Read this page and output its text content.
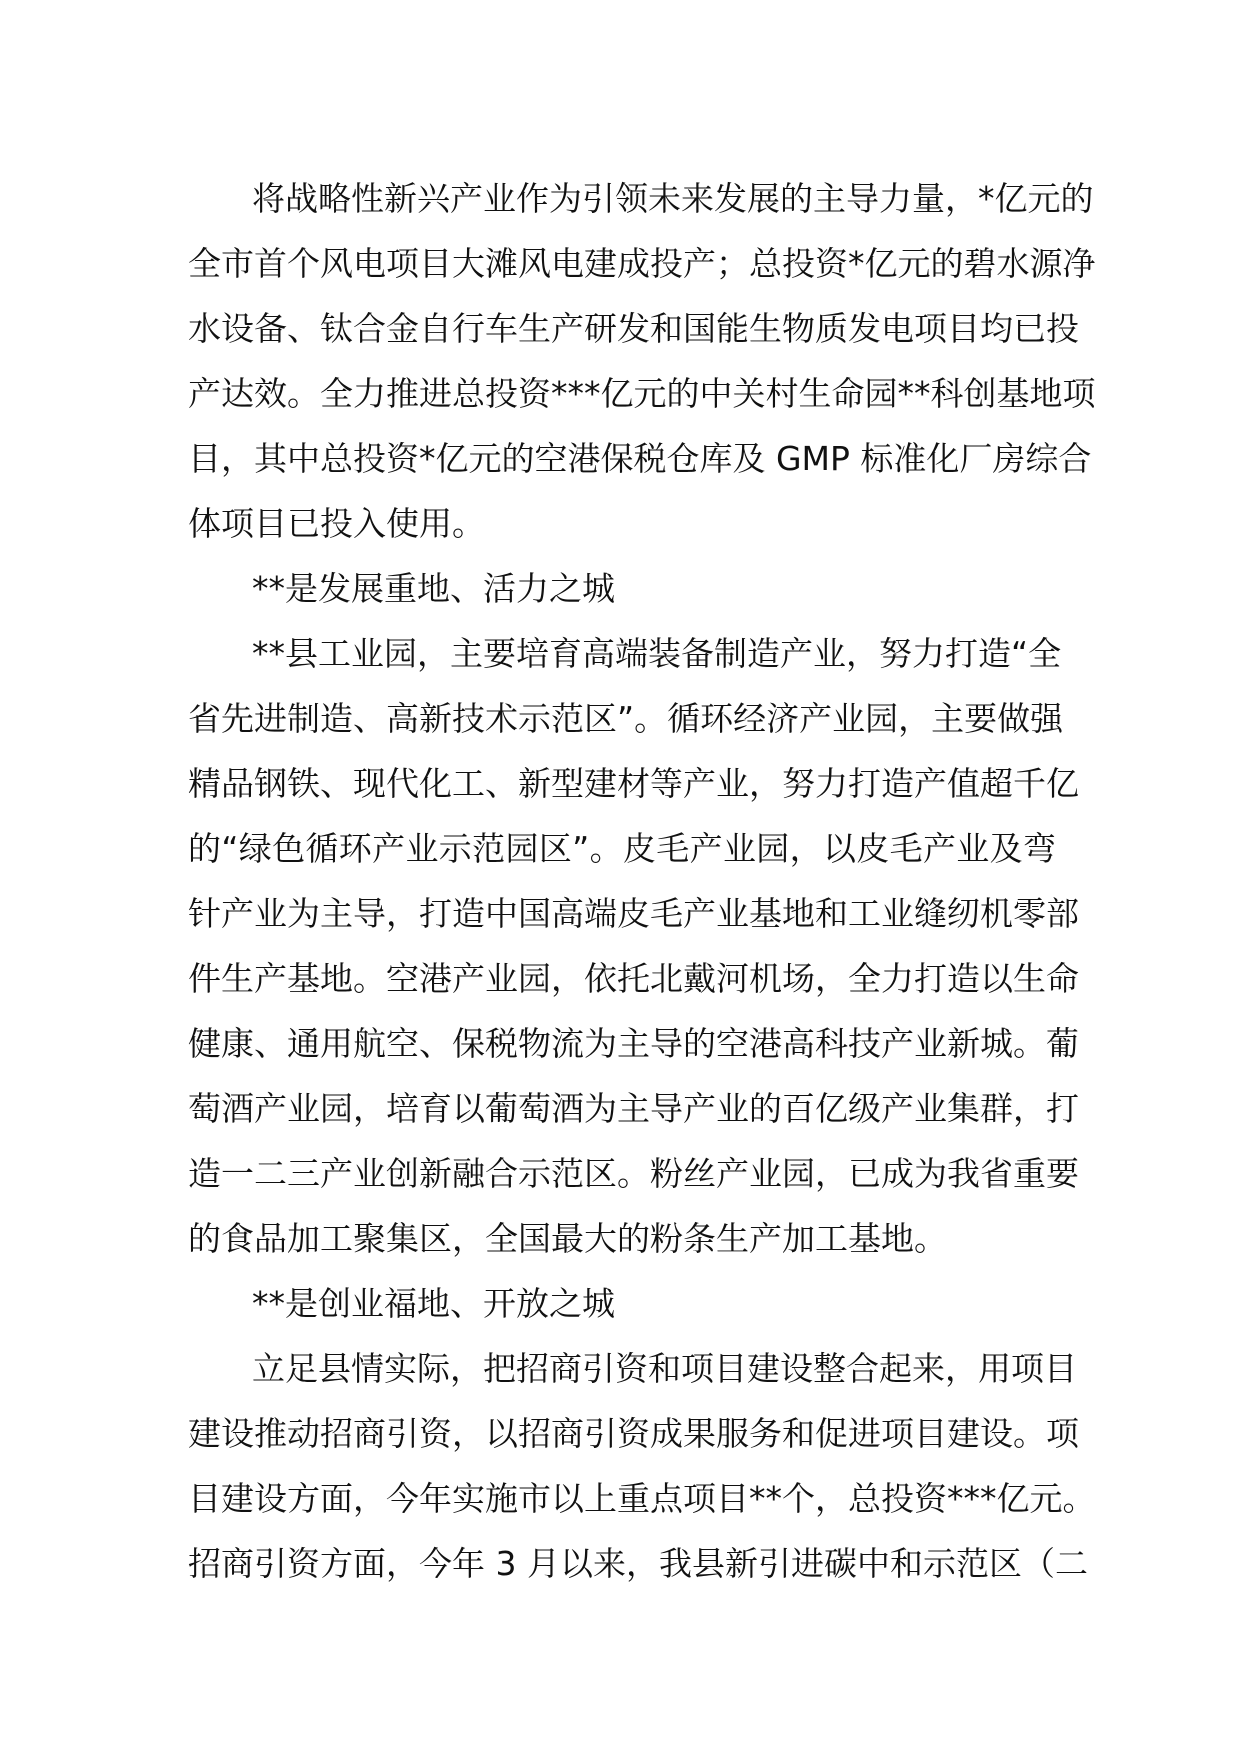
将战略性新兴产业作为引领未来发展的主导力量，*亿元的
全市首个风电项目大滩风电建成投产；总投资*亿元的碧水源净
水设备、钛合金自行车生产研发和国能生物质发电项目均已投
产达效。全力推进总投资***亿元的中关村生命园**科创基地项
目，其中总投资*亿元的空港保税仓库及 GMP 标准化厂房综合
体项目已投入使用。
**是发展重地、活力之城
**县工业园，主要培育高端装备制造产业，努力打造“全
省先进制造、高新技术示范区”。循环经济产业园，主要做强
精品钢铁、现代化工、新型建材等产业，努力打造产值超千亿
的“绿色循环产业示范园区”。皮毛产业园，以皮毛产业及弯
针产业为主导，打造中国高端皮毛产业基地和工业缝纫机零部
件生产基地。空港产业园，依托北戴河机场，全力打造以生命
健康、通用航空、保税物流为主导的空港高科技产业新城。葡
萄酒产业园，培育以葡萄酒为主导产业的百亿级产业集群，打
造一二三产业创新融合示范区。粉丝产业园，已成为我省重要
的食品加工聚集区，全国最大的粉条生产加工基地。
**是创业福地、开放之城
立足县情实际，把招商引资和项目建设整合起来，用项目
建设推动招商引资，以招商引资成果服务和促进项目建设。项
目建设方面，今年实施市以上重点项目**个，总投资***亿元。
招商引资方面，今年 3 月以来，我县新引进碳中和示范区（二
